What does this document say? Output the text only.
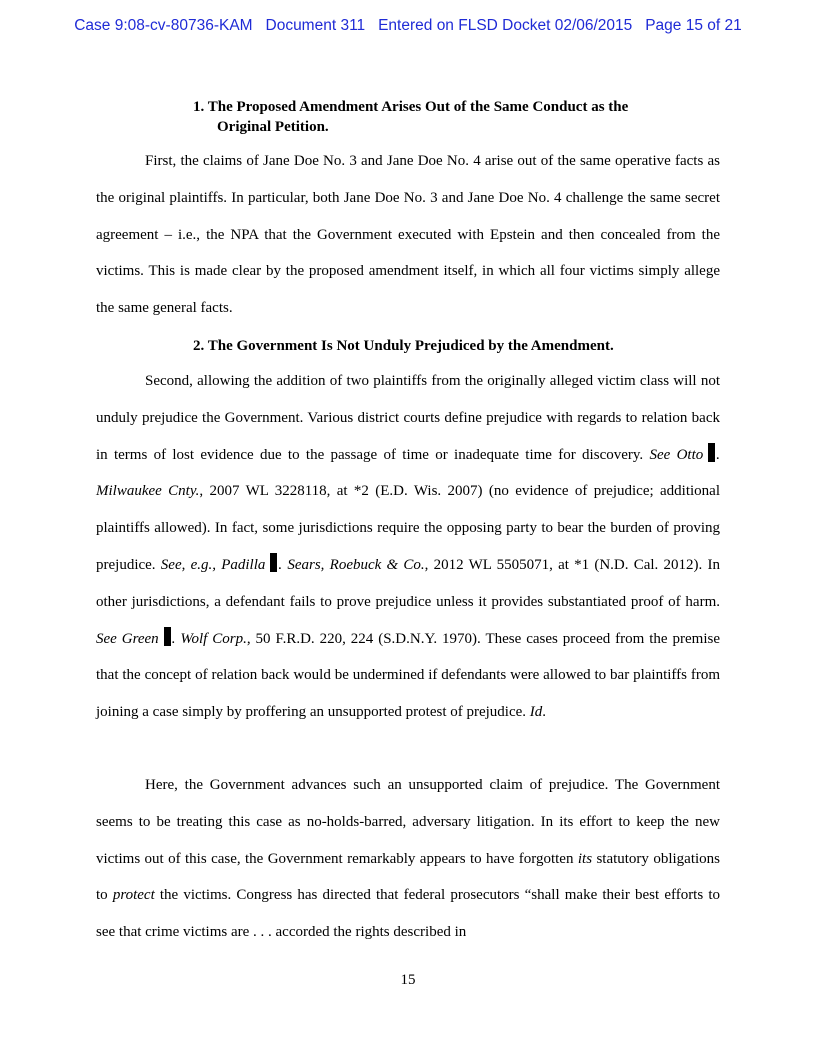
Case 9:08-cv-80736-KAM Document 311 Entered on FLSD Docket 02/06/2015 Page 15 of 21
1. The Proposed Amendment Arises Out of the Same Conduct as the
Original Petition.

First, the claims of Jane Doe No. 3 and Jane Doe No. 4 arise out of the same operative facts as the original plaintiffs. In particular, both Jane Doe No. 3 and Jane Doe No. 4 challenge the same secret agreement – i.e., the NPA that the Government executed with Epstein and then concealed from the victims. This is made clear by the proposed amendment itself, in which all four victims simply allege the same general facts.

2. The Government Is Not Unduly Prejudiced by the Amendment.

Second, allowing the addition of two plaintiffs from the originally alleged victim class will not unduly prejudice the Government. Various district courts define prejudice with regards to relation back in terms of lost evidence due to the passage of time or inadequate time for discovery. See Otto . Milwaukee Cnty., 2007 WL 3228118, at *2 (E.D. Wis. 2007) (no evidence of prejudice; additional plaintiffs allowed). In fact, some jurisdictions require the opposing party to bear the burden of proving prejudice. See, e.g., Padilla . Sears, Roebuck & Co., 2012 WL 5505071, at *1 (N.D. Cal. 2012). In other jurisdictions, a defendant fails to prove prejudice unless it provides substantiated proof of harm. See Green . Wolf Corp., 50 F.R.D. 220, 224 (S.D.N.Y. 1970). These cases proceed from the premise that the concept of relation back would be undermined if defendants were allowed to bar plaintiffs from joining a case simply by proffering an unsupported protest of prejudice. Id.

Here, the Government advances such an unsupported claim of prejudice. The Government seems to be treating this case as no-holds-barred, adversary litigation. In its effort to keep the new victims out of this case, the Government remarkably appears to have forgotten its statutory obligations to protect the victims. Congress has directed that federal prosecutors “shall make their best efforts to see that crime victims are . . . accorded the rights described in

15
